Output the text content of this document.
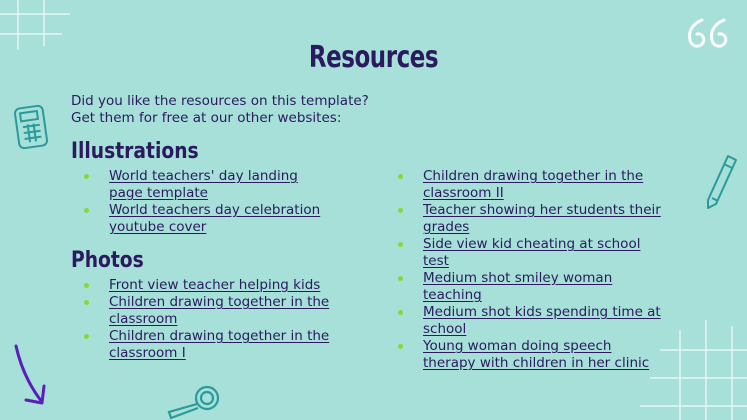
Resources
Did you like the resources on this template?
Get them for free at our other websites:
Illustrations
World teachers' day landing page template
World teachers day celebration youtube cover
Photos
Front view teacher helping kids
Children drawing together in the classroom
Children drawing together in the classroom I
Children drawing together in the classroom II
Teacher showing her students their grades
Side view kid cheating at school test
Medium shot smiley woman teaching
Medium shot kids spending time at school
Young woman doing speech therapy with children in her clinic
